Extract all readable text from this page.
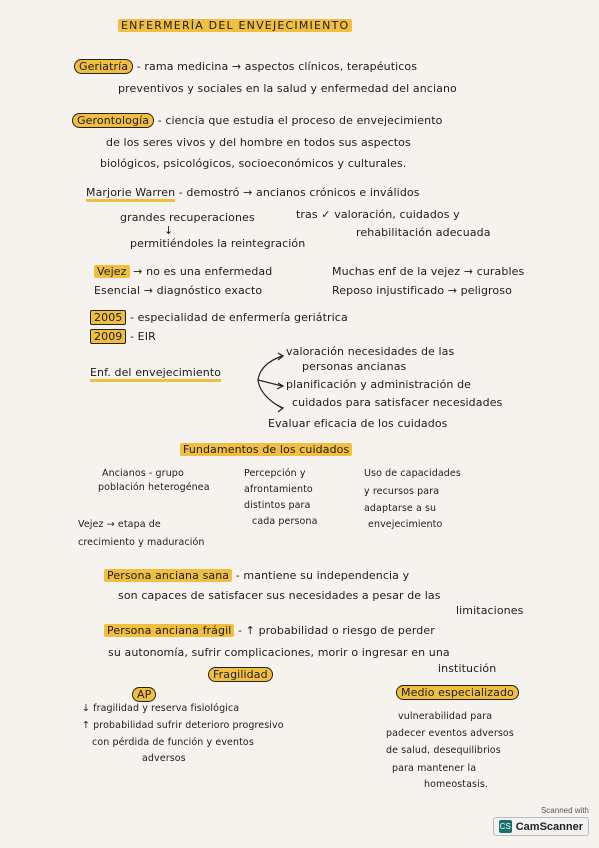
ENFERMERÍA DEL ENVEJECIMIENTO
Geriatría - rama medicina → aspectos clínicos, terapéuticos
preventivos y sociales en la salud y enfermedad del anciano
Gerontología - ciencia que estudia el proceso de envejecimiento
de los seres vivos y del hombre en todos sus aspectos
biológicos, psicológicos, socioeconómicos y culturales.
Marjorie Warren - demostró → ancianos crónicos e inválidos
grandes recuperaciones	tras ✓ valoración, cuidados y
rehabilitación adecuada
↓
permitiéndoles la reintegración
Vejez → no es una enfermedad
Esencial → diagnóstico exacto
Muchas enf de la vejez → curables
Reposo injustificado → peligroso
2005 - especialidad de enfermería geriátrica
2009 - EIR
Enf. del envejecimiento
valoración necesidades de las
personas ancianas
planificación y administración de
cuidados para satisfacer necesidades
Evaluar eficacia de los cuidados
Fundamentos de los cuidados
Ancianos - grupo
población heterogénea
Percepción y
afrontamiento
distintos para
cada persona
Uso de capacidades
y recursos para
adaptarse a su
envejecimiento
Vejez → etapa de
crecimiento y maduración
Persona anciana sana - mantiene su independencia y
son capaces de satisfacer sus necesidades a pesar de las
limitaciones
Persona anciana frágil - ↑ probabilidad o riesgo de perder
su autonomía, sufrir complicaciones, morir o ingresar en una
institución
Fragilidad
AP
↓ fragilidad y reserva fisiológica
↑ probabilidad sufrir deterioro progresivo
con pérdida de función y eventos
adversos
Medio especializado
vulnerabilidad para
padecer eventos adversos
de salud, desequilibrios
para mantener la
homeostasis.
Scanned with
CS CamScanner
